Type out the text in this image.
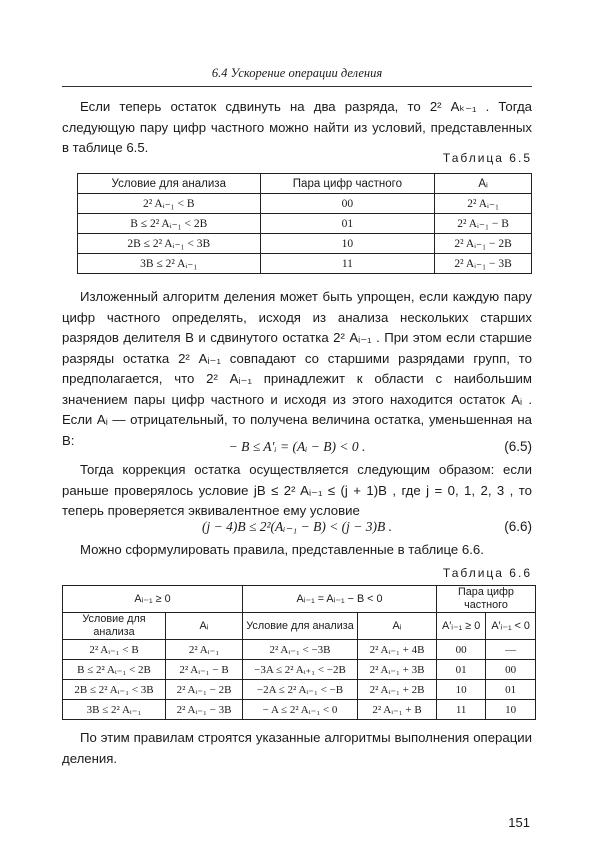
6.4 Ускорение операции деления

Если теперь остаток сдвинуть на два разряда, то 2² Aₖ₋₁ . Тогда следующую пару цифр частного можно найти из условий, представленных в таблице 6.5.

Таблица 6.5
Условие для анализа	Пара цифр частного	Aᵢ
2² Aᵢ₋₁ < B	00	2² Aᵢ₋₁
B ≤ 2² Aᵢ₋₁ < 2B	01	2² Aᵢ₋₁ − B
2B ≤ 2² Aᵢ₋₁ < 3B	10	2² Aᵢ₋₁ − 2B
3B ≤ 2² Aᵢ₋₁	11	2² Aᵢ₋₁ − 3B

Изложенный алгоритм деления может быть упрощен, если каждую пару цифр частного определять, исходя из анализа нескольких старших разрядов делителя B и сдвинутого остатка 2² Aᵢ₋₁ . При этом если старшие разряды остатка 2² Aᵢ₋₁ совпадают со старшими разрядами групп, то предполагается, что 2² Aᵢ₋₁ принадлежит к области с наибольшим значением пары цифр частного и исходя из этого находится остаток Aᵢ . Если Aᵢ — отрицательный, то получена величина остатка, уменьшенная на B:	− B ≤ A′ᵢ = (Aᵢ − B) < 0 .	(6.5)

Тогда коррекция остатка осуществляется следующим образом: если раньше проверялось условие jB ≤ 2² Aᵢ₋₁ ≤ (j + 1)B , где j = 0, 1, 2, 3 , то теперь проверяется эквивалентное ему условие

(j − 4)B ≤ 2²(Aᵢ₋₁ − B) < (j − 3)B .	(6.6)

Можно сформулировать правила, представленные в таблице 6.6.

Таблица 6.6
Aᵢ₋₁ ≥ 0		Aᵢ₋₁ = Aᵢ₋₁ − B < 0		Пара цифр частного	
Условие для анализа	Aᵢ	Условие для анализа	Aᵢ	A′ᵢ₋₁ ≥ 0	A′ᵢ₋₁ < 0
2² Aᵢ₋₁ < B	2² Aᵢ₋₁	2² Aᵢ₋₁ < −3B	2² Aᵢ₋₁ + 4B	00	—
B ≤ 2² Aᵢ₋₁ < 2B	2² Aᵢ₋₁ − B	−3A ≤ 2² Aᵢ₊₁ < −2B	2² Aᵢ₋₁ + 3B	01	00
2B ≤ 2² Aᵢ₋₁ < 3B	2² Aᵢ₋₁ − 2B	−2A ≤ 2² Aᵢ₋₁ < −B	2² Aᵢ₋₁ + 2B	10	01
3B ≤ 2² Aᵢ₋₁	2² Aᵢ₋₁ − 3B	− A ≤ 2² Aᵢ₋₁ < 0	2² Aᵢ₋₁ + B	11	10

По этим правилам строятся указанные алгоритмы выполнения операции деления.

151
